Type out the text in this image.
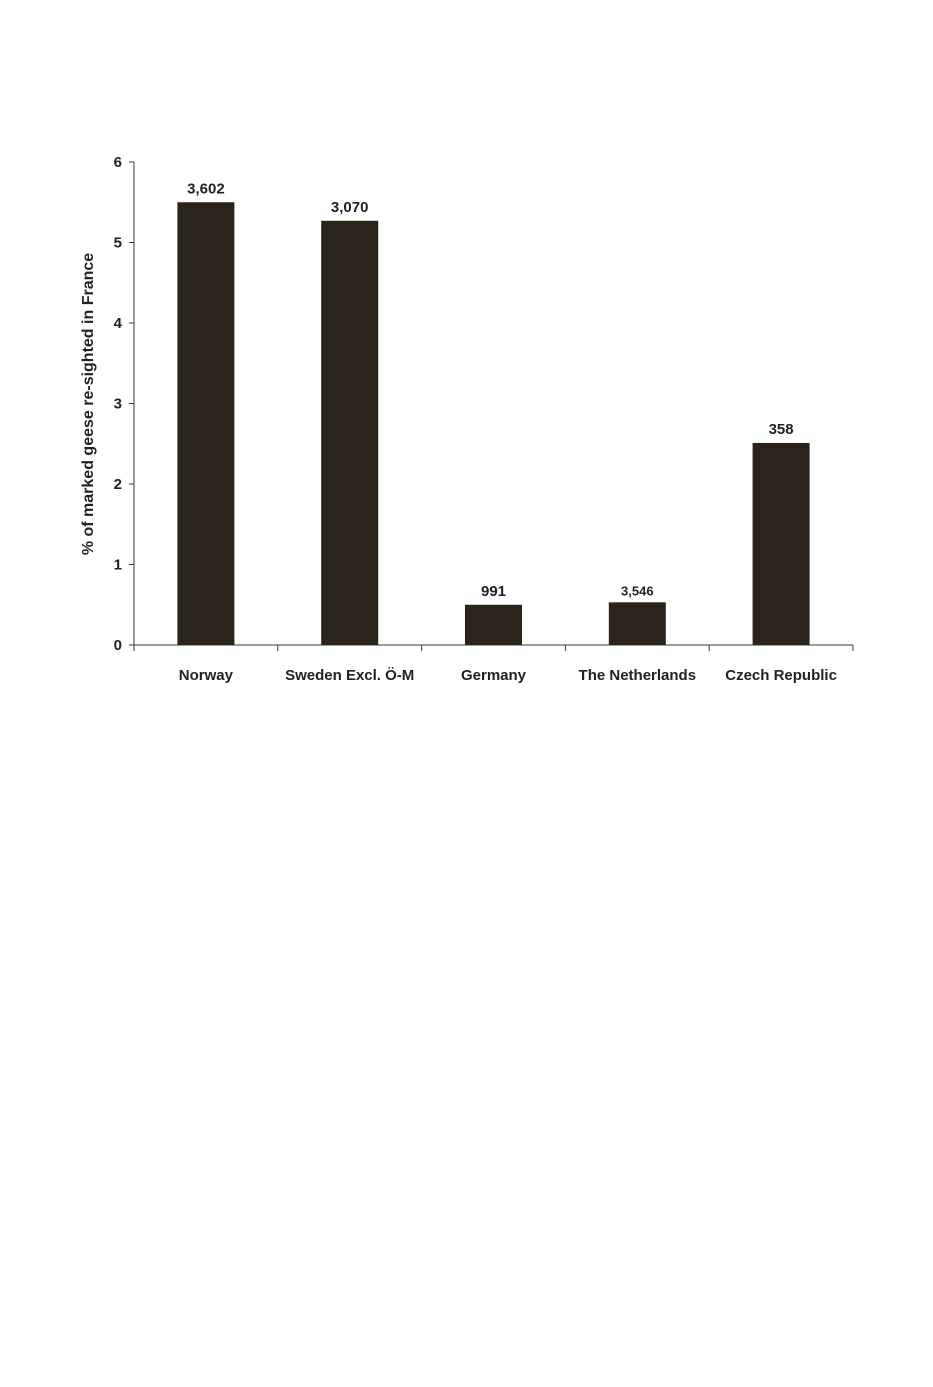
% of marked geese re-sighted in France
0
1
2
3
4
5
6
3,602
3,070
991	3,546
358
Norway	Sweden Excl. Ö-M	Germany	The Netherlands Czech Republic
